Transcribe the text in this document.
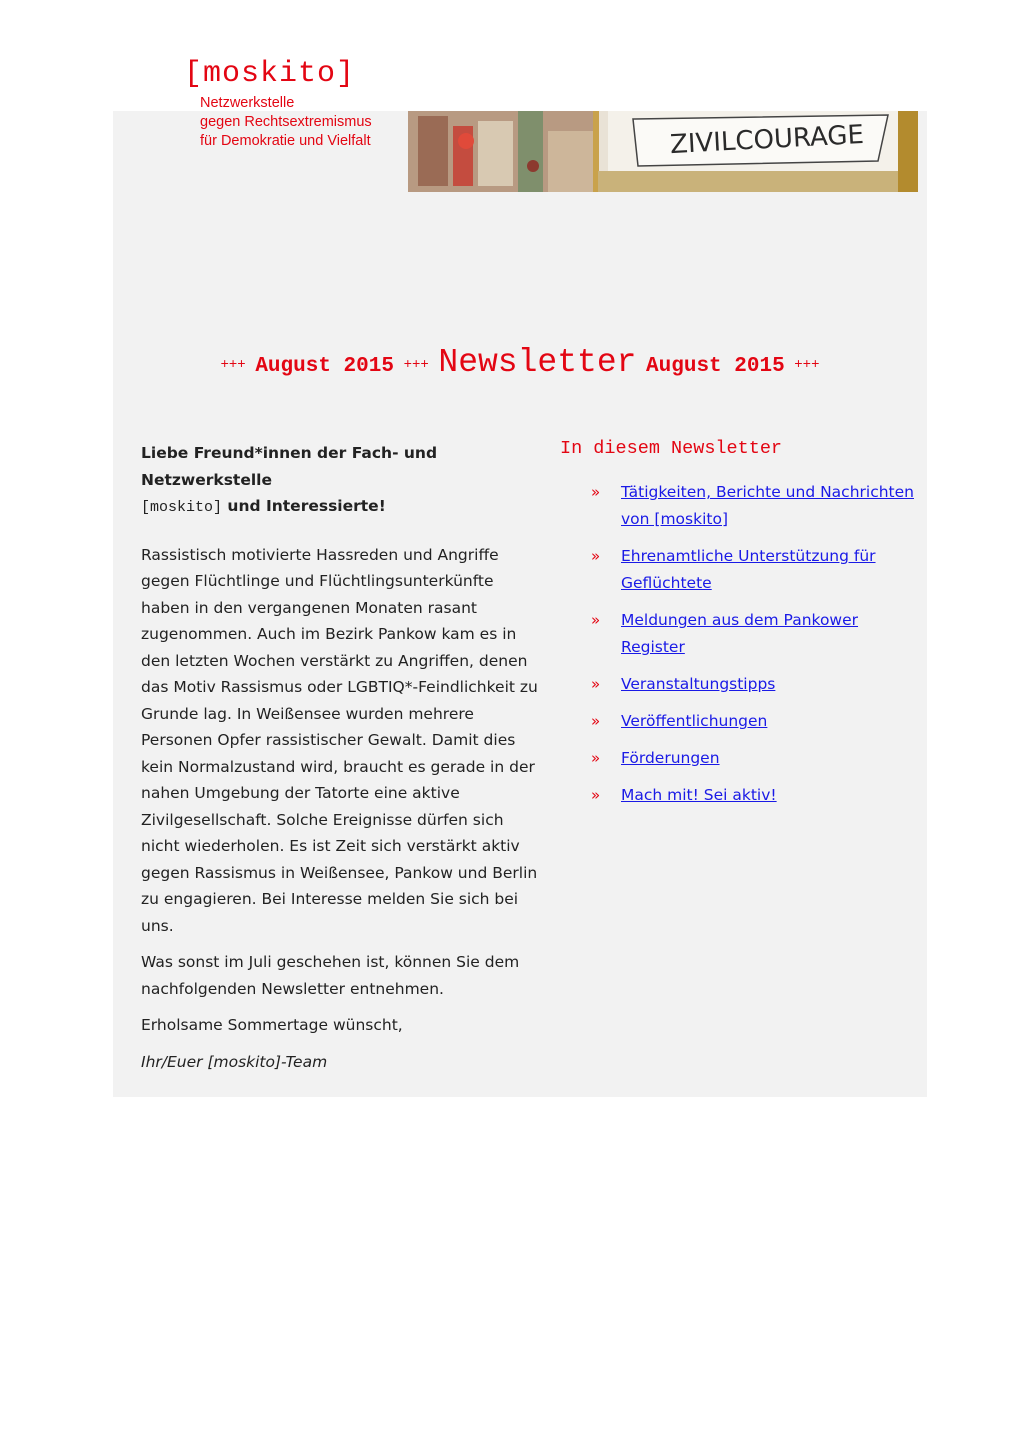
[moskito]
Netzwerkstelle
gegen Rechtsextremismus
für Demokratie und Vielfalt	ZIVILCOURAGE
+++ August 2015 +++ Newsletter August 2015 +++
Liebe Freund*innen der Fach- und Netzwerkstelle
[moskito] und Interessierte!

Rassistisch motivierte Hassreden und Angriffe gegen Flüchtlinge und Flüchtlingsunterkünfte haben in den vergangenen Monaten rasant zugenommen. Auch im Bezirk Pankow kam es in den letzten Wochen verstärkt zu Angriffen, denen das Motiv Rassismus oder LGBTIQ*-Feindlichkeit zu Grunde lag. In Weißensee wurden mehrere Personen Opfer rassistischer Gewalt. Damit dies kein Normalzustand wird, braucht es gerade in der nahen Umgebung der Tatorte eine aktive Zivilgesellschaft. Solche Ereignisse dürfen sich nicht wiederholen. Es ist Zeit sich verstärkt aktiv gegen Rassismus in Weißensee, Pankow und Berlin zu engagieren. Bei Interesse melden Sie sich bei uns.

Was sonst im Juli geschehen ist, können Sie dem nachfolgenden Newsletter entnehmen.

Erholsame Sommertage wünscht,

Ihr/Euer [moskito]-Team

In diesem Newsletter
» Tätigkeiten, Berichte und Nachrichten von [moskito]
» Ehrenamtliche Unterstützung für Geflüchtete
» Meldungen aus dem Pankower Register
» Veranstaltungstipps
» Veröffentlichungen
» Förderungen
» Mach mit! Sei aktiv!
